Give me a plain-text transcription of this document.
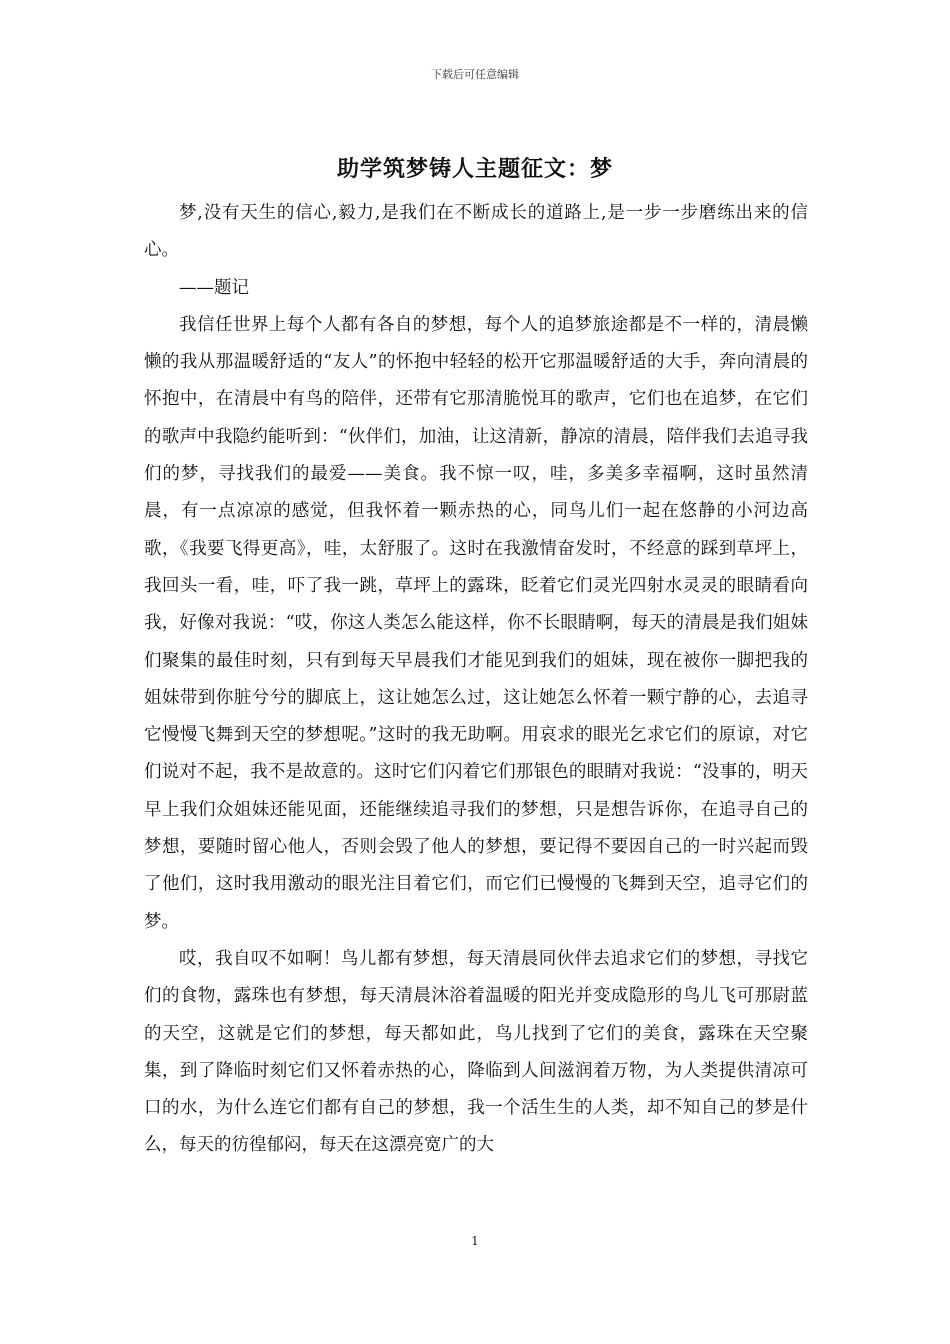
下载后可任意编辑
助学筑梦铸人主题征文：梦

梦,没有天生的信心,毅力,是我们在不断成长的道路上,是一步一步磨练出来的信心。

——题记

我信任世界上每个人都有各自的梦想，每个人的追梦旅途都是不一样的，清晨懒懒的我从那温暖舒适的“友人”的怀抱中轻轻的松开它那温暖舒适的大手，奔向清晨的怀抱中，在清晨中有鸟的陪伴，还带有它那清脆悦耳的歌声，它们也在追梦，在它们的歌声中我隐约能听到：“伙伴们，加油，让这清新，静凉的清晨，陪伴我们去追寻我们的梦，寻找我们的最爱——美食。我不惊一叹，哇，多美多幸福啊，这时虽然清晨，有一点凉凉的感觉，但我怀着一颗赤热的心，同鸟儿们一起在悠静的小河边高歌，《我要飞得更高》，哇，太舒服了。这时在我激情奋发时，不经意的踩到草坪上，我回头一看，哇，吓了我一跳，草坪上的露珠，眨着它们灵光四射水灵灵的眼睛看向我，好像对我说：“哎，你这人类怎么能这样，你不长眼睛啊，每天的清晨是我们姐妹们聚集的最佳时刻，只有到每天早晨我们才能见到我们的姐妹，现在被你一脚把我的姐妹带到你脏兮兮的脚底上，这让她怎么过，这让她怎么怀着一颗宁静的心，去追寻它慢慢飞舞到天空的梦想呢。”这时的我无助啊。用哀求的眼光乞求它们的原谅，对它们说对不起，我不是故意的。这时它们闪着它们那银色的眼睛对我说：“没事的，明天早上我们众姐妹还能见面，还能继续追寻我们的梦想，只是想告诉你，在追寻自己的梦想，要随时留心他人，否则会毁了他人的梦想，要记得不要因自己的一时兴起而毁了他们，这时我用激动的眼光注目着它们，而它们已慢慢的飞舞到天空，追寻它们的梦。

哎，我自叹不如啊！鸟儿都有梦想，每天清晨同伙伴去追求它们的梦想，寻找它们的食物，露珠也有梦想，每天清晨沐浴着温暖的阳光并变成隐形的鸟儿飞可那尉蓝的天空，这就是它们的梦想，每天都如此，鸟儿找到了它们的美食，露珠在天空聚集，到了降临时刻它们又怀着赤热的心，降临到人间滋润着万物，为人类提供清凉可口的水，为什么连它们都有自己的梦想，我一个活生生的人类，却不知自己的梦是什么，每天的彷徨郁闷，每天在这漂亮宽广的大

1
